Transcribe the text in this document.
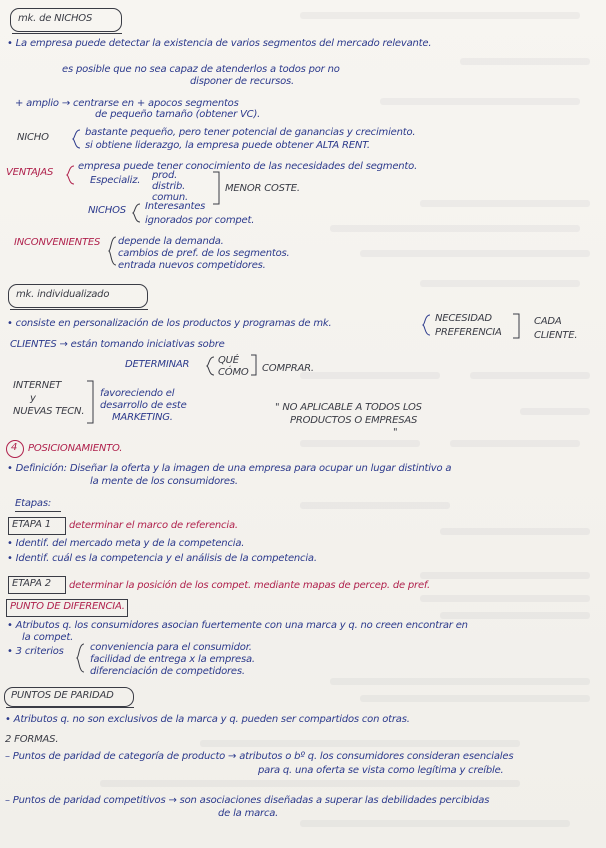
mk. de NICHOS
• La empresa puede detectar la existencia de varios segmentos del mercado relevante.
es posible que no sea capaz de atenderlos a todos por no
disponer de recursos.
+ amplio → centrarse en + apocos segmentos
de pequeño tamaño (obtener VC).
NICHO	bastante pequeño, pero tener potencial de ganancias y crecimiento.
si obtiene liderazgo, la empresa puede obtener ALTA RENT.
VENTAJAS
empresa puede tener conocimiento de las necesidades del segmento.
Especializ. prod.
distrib.
comun.
MENOR COSTE.
NICHOS Interesantes
ignorados por compet.
INCONVENIENTES depende la demanda.
cambios de pref. de los segmentos.
entrada nuevos competidores.
mk. individualizado
• consiste en personalización de los productos y programas de mk.	NECESIDAD
PREFERENCIA
CADA
CLIENTE.
CLIENTES → están tomando iniciativas sobre
DETERMINAR	QUÉ
CÓMO COMPRAR.
INTERNET
y
NUEVAS TECN.
favoreciendo el
desarrollo de este
MARKETING.
" NO APLICABLE A TODOS LOS
PRODUCTOS O EMPRESAS
"
4 POSICIONAMIENTO.
• Definición: Diseñar la oferta y la imagen de una empresa para ocupar un lugar distintivo a
la mente de los consumidores.
Etapas:
ETAPA 1 determinar el marco de referencia.
• Identif. del mercado meta y de la competencia.
• Identif. cuál es la competencia y el análisis de la competencia.
ETAPA 2 determinar la posición de los compet. mediante mapas de percep. de pref.
PUNTO DE DIFERENCIA.
• Atributos q. los consumidores asocian fuertemente con una marca y q. no creen encontrar en
la compet.
• 3 criterios	conveniencia para el consumidor.
facilidad de entrega x la empresa.
diferenciación de competidores.
PUNTOS DE PARIDAD
• Atributos q. no son exclusivos de la marca y q. pueden ser compartidos con otras.
2 FORMAS.
– Puntos de paridad de categoría de producto → atributos o bº q. los consumidores consideran esenciales
para q. una oferta se vista como legítima y creíble.
– Puntos de paridad competitivos → son asociaciones diseñadas a superar las debilidades percibidas
de la marca.
